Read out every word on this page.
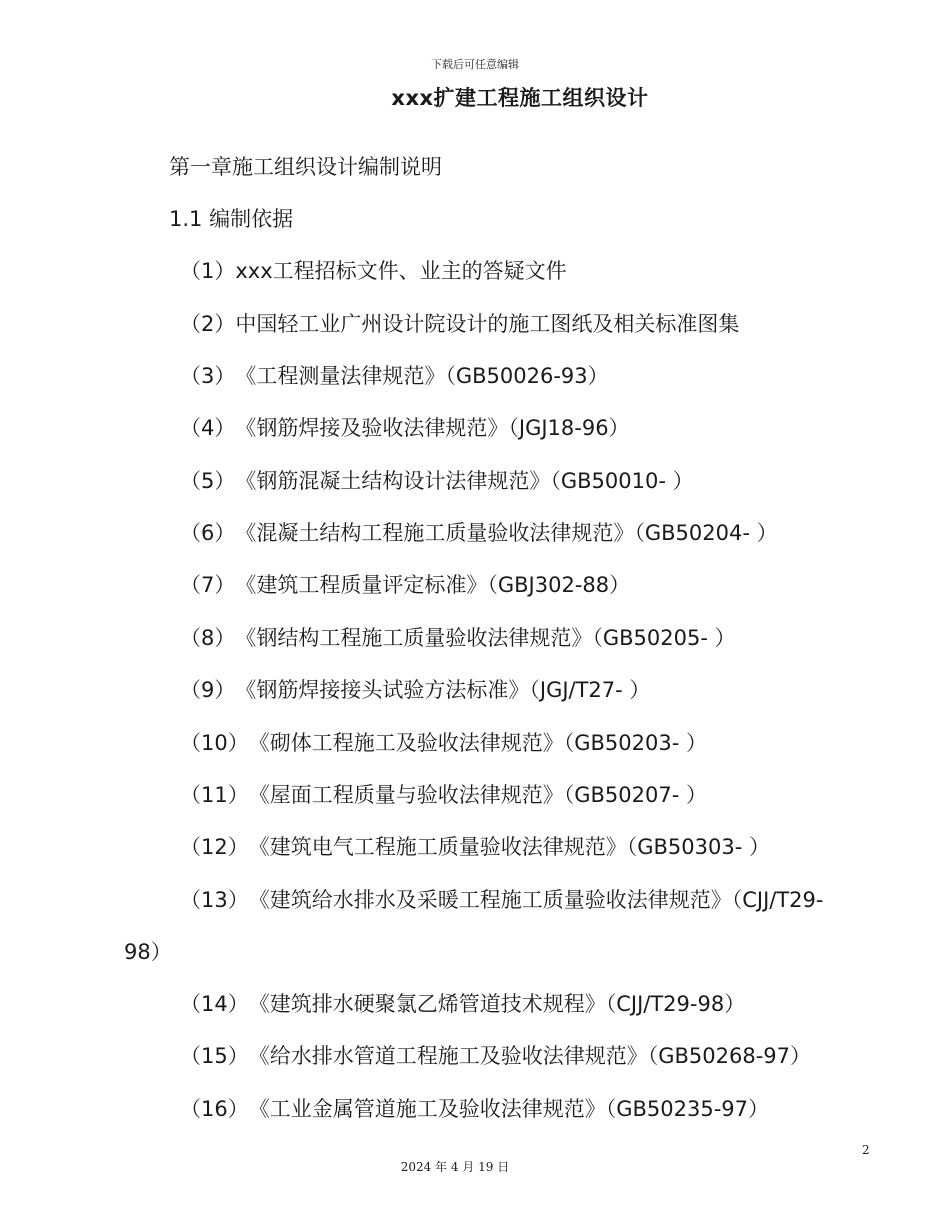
下载后可任意编辑
xxx扩建工程施工组织设计
第一章施工组织设计编制说明
1.1 编制依据
（1）xxx工程招标文件、业主的答疑文件
（2）中国轻工业广州设计院设计的施工图纸及相关标准图集
（3）《工程测量法律规范》（GB50026-93）
（4）《钢筋焊接及验收法律规范》（JGJ18-96）
（5）《钢筋混凝土结构设计法律规范》（GB50010- ）
（6）《混凝土结构工程施工质量验收法律规范》（GB50204- ）
（7）《建筑工程质量评定标准》（GBJ302-88）
（8）《钢结构工程施工质量验收法律规范》（GB50205- ）
（9）《钢筋焊接接头试验方法标准》（JGJ/T27- ）
（10）《砌体工程施工及验收法律规范》（GB50203- ）
（11）《屋面工程质量与验收法律规范》（GB50207- ）
（12）《建筑电气工程施工质量验收法律规范》（GB50303- ）
（13）《建筑给水排水及采暖工程施工质量验收法律规范》（CJJ/T29-
98）
（14）《建筑排水硬聚氯乙烯管道技术规程》（CJJ/T29-98）
（15）《给水排水管道工程施工及验收法律规范》（GB50268-97）
（16）《工业金属管道施工及验收法律规范》（GB50235-97）
2
2024 年 4 月 19 日
